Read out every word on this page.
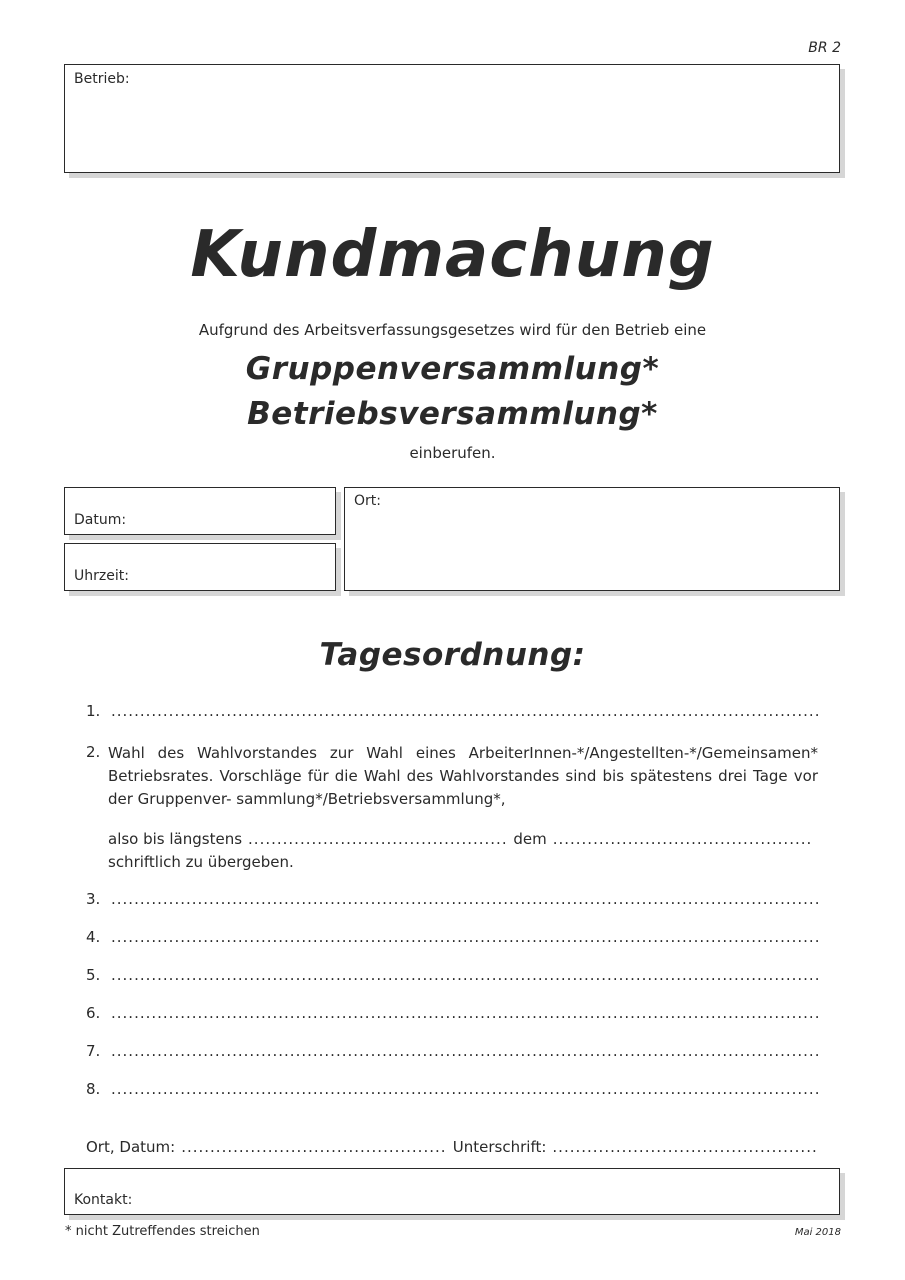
BR 2
Betrieb:
Kundmachung
Aufgrund des Arbeitsverfassungsgesetzes wird für den Betrieb eine
Gruppenversammlung*
Betriebsversammlung*
einberufen.
Datum:
Uhrzeit:
Ort:
Tagesordnung:
1.
.....
2. Wahl des Wahlvorstandes zur Wahl eines ArbeiterInnen-*/Angestellten-*/Gemeinsamen* Betriebsrates. Vorschläge für die Wahl des Wahlvorstandes sind bis spätestens drei Tage vor der Gruppenver- sammlung*/Betriebsversammlung*,
also bis längstens .....	dem
.....
schriftlich zu übergeben.
3.
.....
4.
.....
5.
.....
6.
.....
7.
.....
8.
.....
Ort, Datum: .....	Unterschrift:
.....
Kontakt:
* nicht Zutreffendes streichen	Mai 2018
